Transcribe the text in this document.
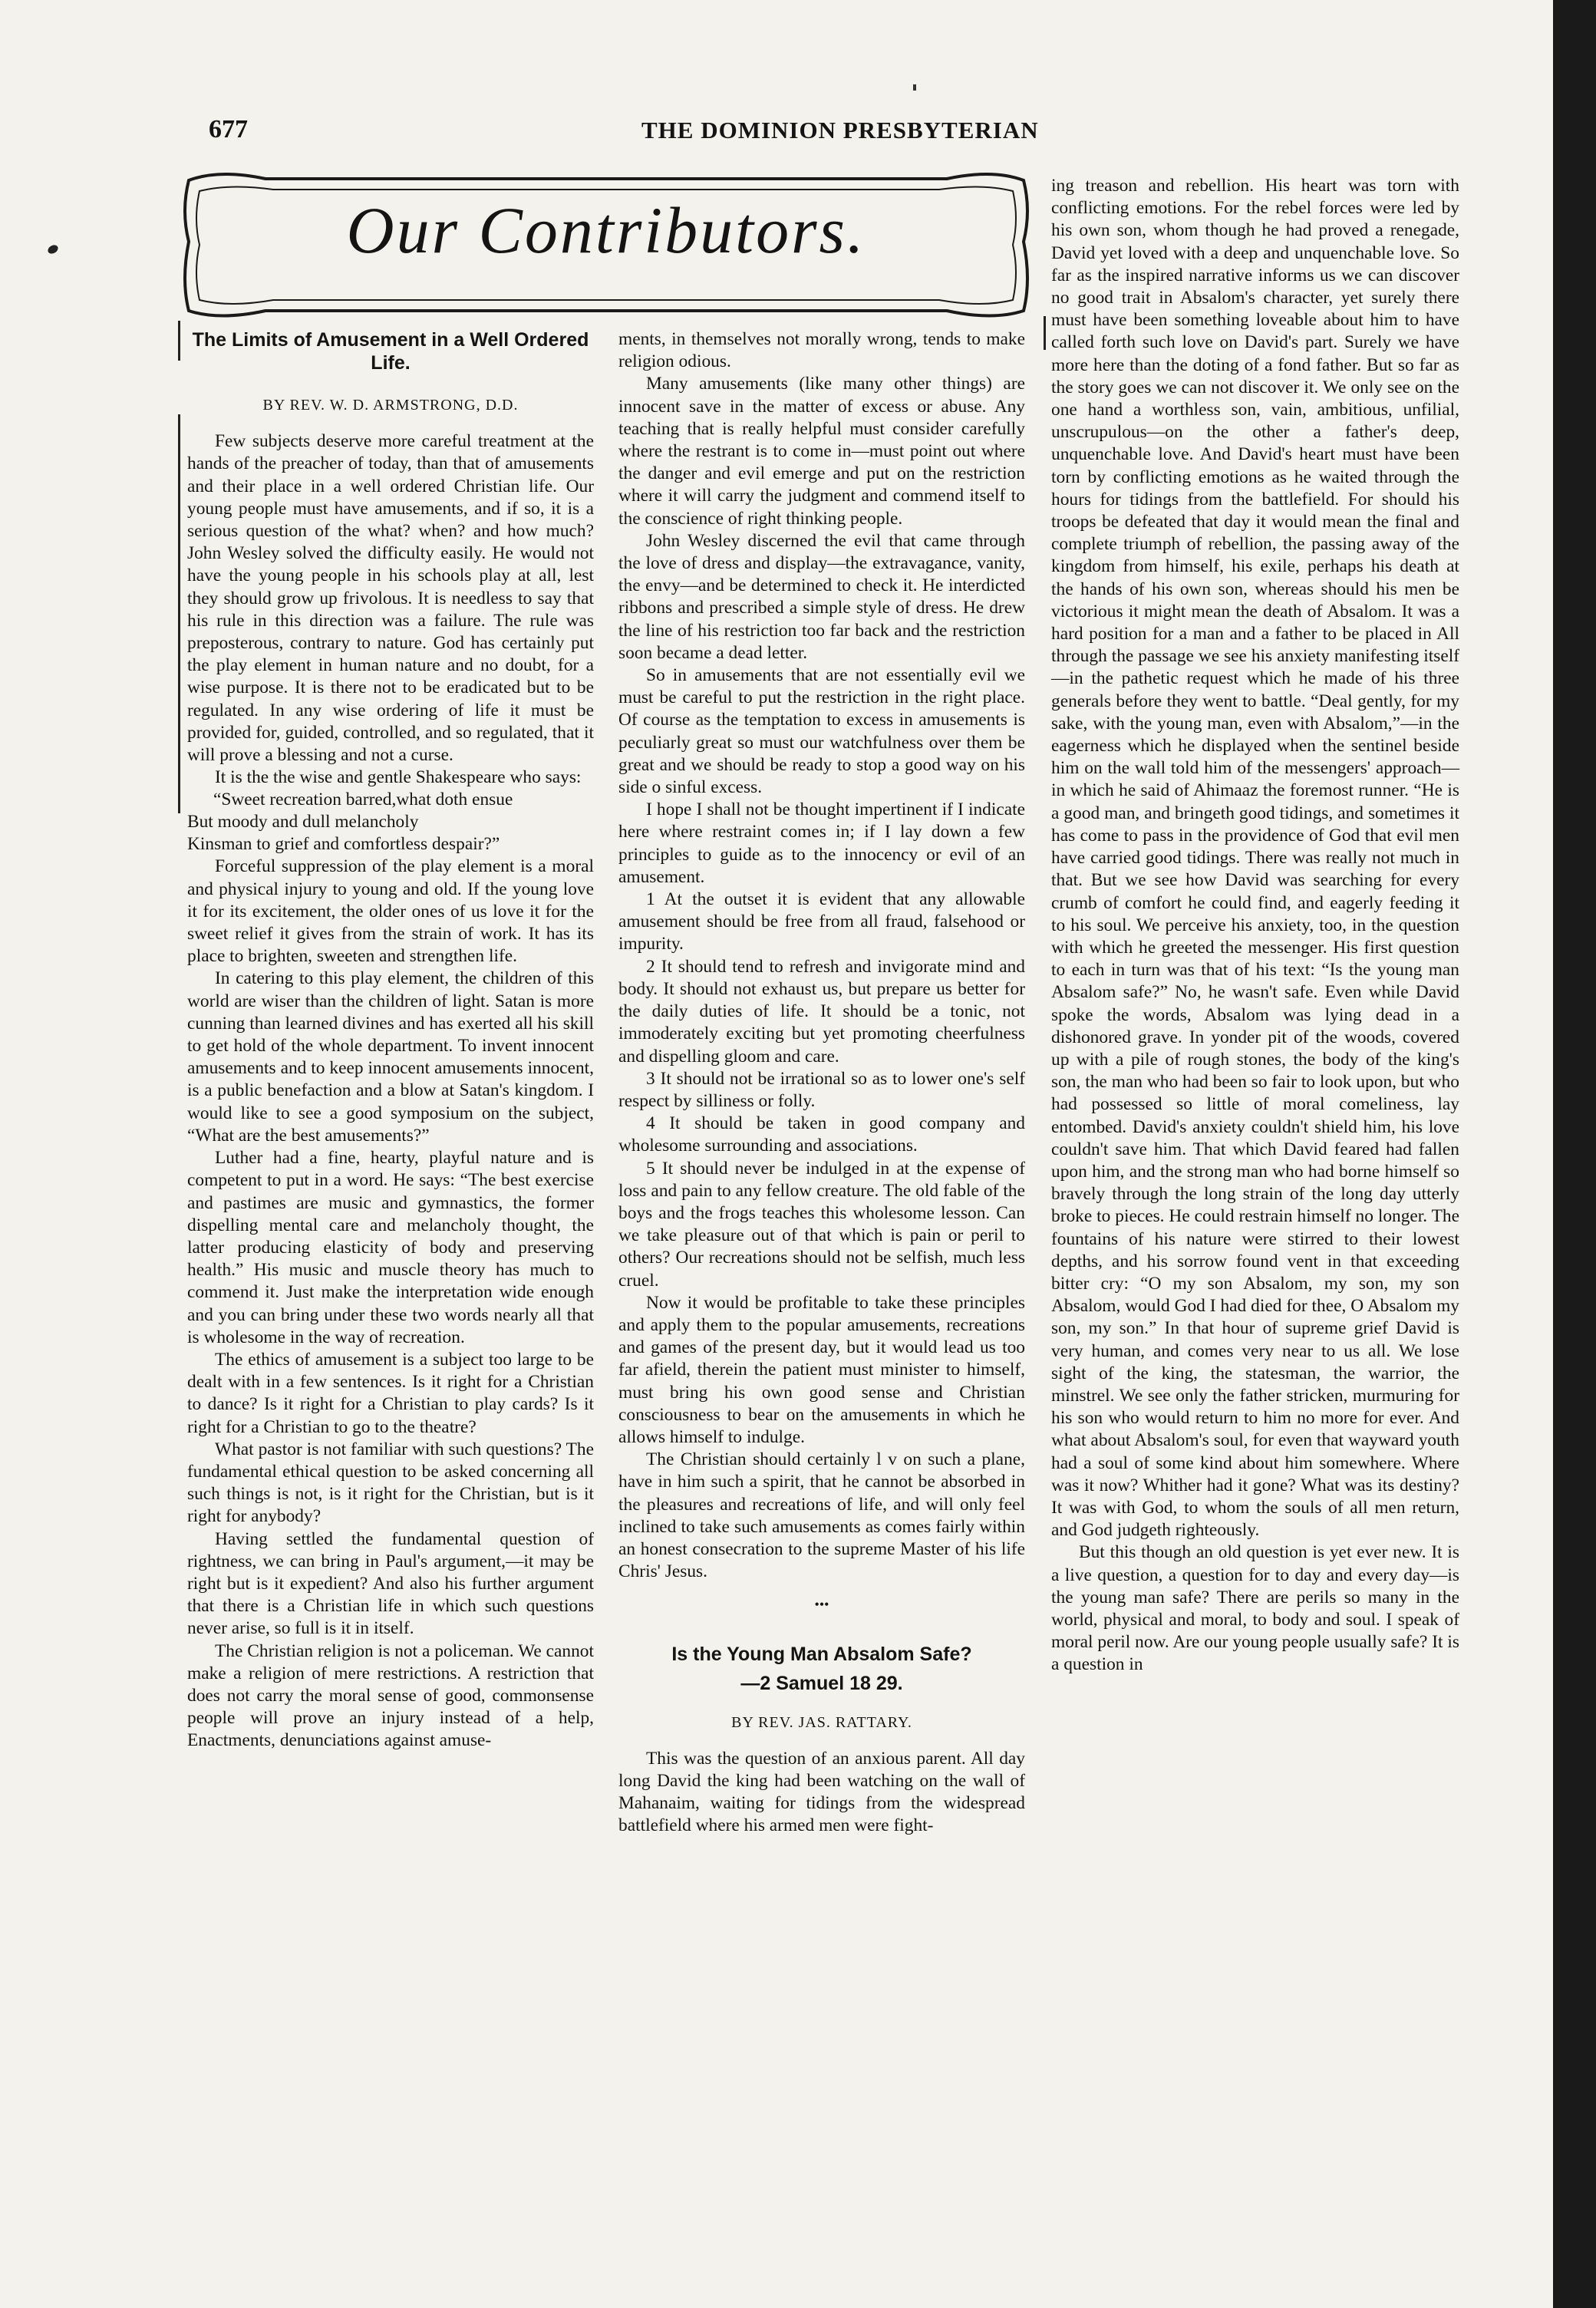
677	THE DOMINION PRESBYTERIAN
Our Contributors.
The Limits of Amusement in a Well Ordered Life.
BY REV. W. D. ARMSTRONG, D.D.

Few subjects deserve more careful treatment at the hands of the preacher of today, than that of amusements and their place in a well ordered Christian life. Our young people must have amusements, and if so, it is a serious question of the what? when? and how much? John Wesley solved the difficulty easily. He would not have the young people in his schools play at all, lest they should grow up frivolous. It is needless to say that his rule in this direction was a failure. The rule was preposterous, contrary to nature. God has certainly put the play element in human nature and no doubt, for a wise purpose. It is there not to be eradicated but to be regulated. In any wise ordering of life it must be provided for, guided, controlled, and so regulated, that it will prove a blessing and not a curse.

It is the the wise and gentle Shakespeare who says:

“Sweet recreation barred,what doth ensue
But moody and dull melancholy
Kinsman to grief and comfortless despair?”

Forceful suppression of the play element is a moral and physical injury to young and old. If the young love it for its excitement, the older ones of us love it for the sweet relief it gives from the strain of work. It has its place to brighten, sweeten and strengthen life.

In catering to this play element, the children of this world are wiser than the children of light. Satan is more cunning than learned divines and has exerted all his skill to get hold of the whole department. To invent innocent amusements and to keep innocent amusements innocent, is a public benefaction and a blow at Satan's kingdom. I would like to see a good symposium on the subject, “What are the best amusements?”

Luther had a fine, hearty, playful nature and is competent to put in a word. He says: “The best exercise and pastimes are music and gymnastics, the former dispelling mental care and melancholy thought, the latter producing elasticity of body and preserving health.” His music and muscle theory has much to commend it. Just make the interpretation wide enough and you can bring under these two words nearly all that is wholesome in the way of recreation.

The ethics of amusement is a subject too large to be dealt with in a few sentences. Is it right for a Christian to dance? Is it right for a Christian to play cards? Is it right for a Christian to go to the theatre?

What pastor is not familiar with such questions? The fundamental ethical question to be asked concerning all such things is not, is it right for the Christian, but is it right for anybody?

Having settled the fundamental question of rightness, we can bring in Paul's argument,—it may be right but is it expedient? And also his further argument that there is a Christian life in which such questions never arise, so full is it in itself.

The Christian religion is not a policeman. We cannot make a religion of mere restrictions. A restriction that does not carry the moral sense of good, commonsense people will prove an injury instead of a help, Enactments, denunciations against amuse-

ments, in themselves not morally wrong, tends to make religion odious.

Many amusements (like many other things) are innocent save in the matter of excess or abuse. Any teaching that is really helpful must consider carefully where the restrant is to come in—must point out where the danger and evil emerge and put on the restriction where it will carry the judgment and commend itself to the conscience of right thinking people.

John Wesley discerned the evil that came through the love of dress and display—the extravagance, vanity, the envy—and be determined to check it. He interdicted ribbons and prescribed a simple style of dress. He drew the line of his restriction too far back and the restriction soon became a dead letter.

So in amusements that are not essentially evil we must be careful to put the restriction in the right place. Of course as the temptation to excess in amusements is peculiarly great so must our watchfulness over them be great and we should be ready to stop a good way on his side o sinful excess.

I hope I shall not be thought impertinent if I indicate here where restraint comes in; if I lay down a few principles to guide as to the innocency or evil of an amusement.

1 At the outset it is evident that any allowable amusement should be free from all fraud, falsehood or impurity.

2 It should tend to refresh and invigorate mind and body. It should not exhaust us, but prepare us better for the daily duties of life. It should be a tonic, not immoderately exciting but yet promoting cheerfulness and dispelling gloom and care.

3 It should not be irrational so as to lower one's self respect by silliness or folly.

4 It should be taken in good company and wholesome surrounding and associations.

5 It should never be indulged in at the expense of loss and pain to any fellow creature. The old fable of the boys and the frogs teaches this wholesome lesson. Can we take pleasure out of that which is pain or peril to others? Our recreations should not be selfish, much less cruel.

Now it would be profitable to take these principles and apply them to the popular amusements, recreations and games of the present day, but it would lead us too far afield, therein the patient must minister to himself, must bring his own good sense and Christian consciousness to bear on the amusements in which he allows himself to indulge.

The Christian should certainly l v on such a plane, have in him such a spirit, that he cannot be absorbed in the pleasures and recreations of life, and will only feel inclined to take such amusements as comes fairly within an honest consecration to the supreme Master of his life Chris' Jesus.

•••
Is the Young Man Absalom Safe?
—2 Samuel 18 29.
BY REV. JAS. RATTARY.

This was the question of an anxious parent. All day long David the king had been watching on the wall of Mahanaim, waiting for tidings from the widespread battlefield where his armed men were fight-

ing treason and rebellion. His heart was torn with conflicting emotions. For the rebel forces were led by his own son, whom though he had proved a renegade, David yet loved with a deep and unquenchable love. So far as the inspired narrative informs us we can discover no good trait in Absalom's character, yet surely there must have been something loveable about him to have called forth such love on David's part. Surely we have more here than the doting of a fond father. But so far as the story goes we can not discover it. We only see on the one hand a worthless son, vain, ambitious, unfilial, unscrupulous—on the other a father's deep, unquenchable love. And David's heart must have been torn by conflicting emotions as he waited through the hours for tidings from the battlefield. For should his troops be defeated that day it would mean the final and complete triumph of rebellion, the passing away of the kingdom from himself, his exile, perhaps his death at the hands of his own son, whereas should his men be victorious it might mean the death of Absalom. It was a hard position for a man and a father to be placed in All through the passage we see his anxiety manifesting itself—in the pathetic request which he made of his three generals before they went to battle. “Deal gently, for my sake, with the young man, even with Absalom,”—in the eagerness which he displayed when the sentinel beside him on the wall told him of the messengers' approach—in which he said of Ahimaaz the foremost runner. “He is a good man, and bringeth good tidings, and sometimes it has come to pass in the providence of God that evil men have carried good tidings. There was really not much in that. But we see how David was searching for every crumb of comfort he could find, and eagerly feeding it to his soul. We perceive his anxiety, too, in the question with which he greeted the messenger. His first question to each in turn was that of his text: “Is the young man Absalom safe?” No, he wasn't safe. Even while David spoke the words, Absalom was lying dead in a dishonored grave. In yonder pit of the woods, covered up with a pile of rough stones, the body of the king's son, the man who had been so fair to look upon, but who had possessed so little of moral comeliness, lay entombed. David's anxiety couldn't shield him, his love couldn't save him. That which David feared had fallen upon him, and the strong man who had borne himself so bravely through the long strain of the long day utterly broke to pieces. He could restrain himself no longer. The fountains of his nature were stirred to their lowest depths, and his sorrow found vent in that exceeding bitter cry: “O my son Absalom, my son, my son Absalom, would God I had died for thee, O Absalom my son, my son.” In that hour of supreme grief David is very human, and comes very near to us all. We lose sight of the king, the statesman, the warrior, the minstrel. We see only the father stricken, murmuring for his son who would return to him no more for ever. And what about Absalom's soul, for even that wayward youth had a soul of some kind about him somewhere. Where was it now? Whither had it gone? What was its destiny? It was with God, to whom the souls of all men return, and God judgeth righteously.

But this though an old question is yet ever new. It is a live question, a question for to day and every day—is the young man safe? There are perils so many in the world, physical and moral, to body and soul. I speak of moral peril now. Are our young people usually safe? It is a question in
